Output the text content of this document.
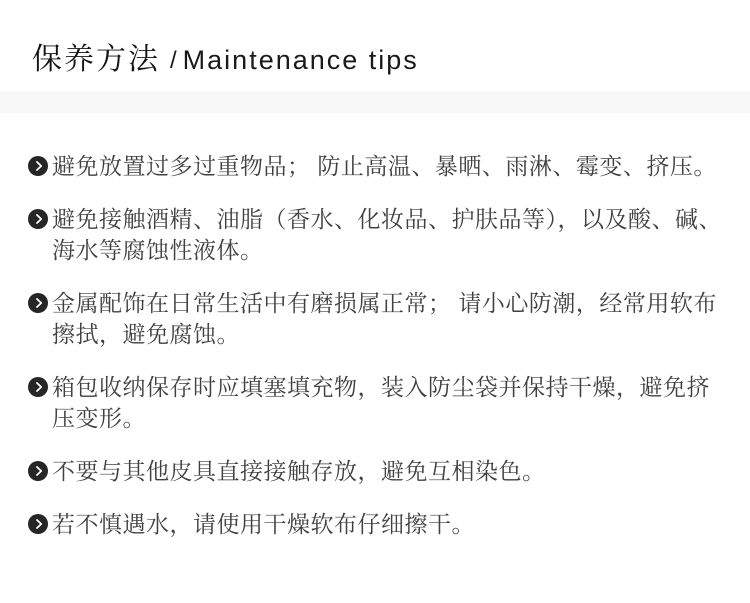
保养方法 / Maintenance tips
避免放置过多过重物品； 防止高温、暴晒、雨淋、霉变、挤压。
避免接触酒精、油脂（香水、化妆品、护肤品等），以及酸、碱、海水等腐蚀性液体。
金属配饰在日常生活中有磨损属正常； 请小心防潮，经常用软布擦拭，避免腐蚀。
箱包收纳保存时应填塞填充物，装入防尘袋并保持干燥，避免挤压变形。
不要与其他皮具直接接触存放，避免互相染色。
若不慎遇水，请使用干燥软布仔细擦干。
